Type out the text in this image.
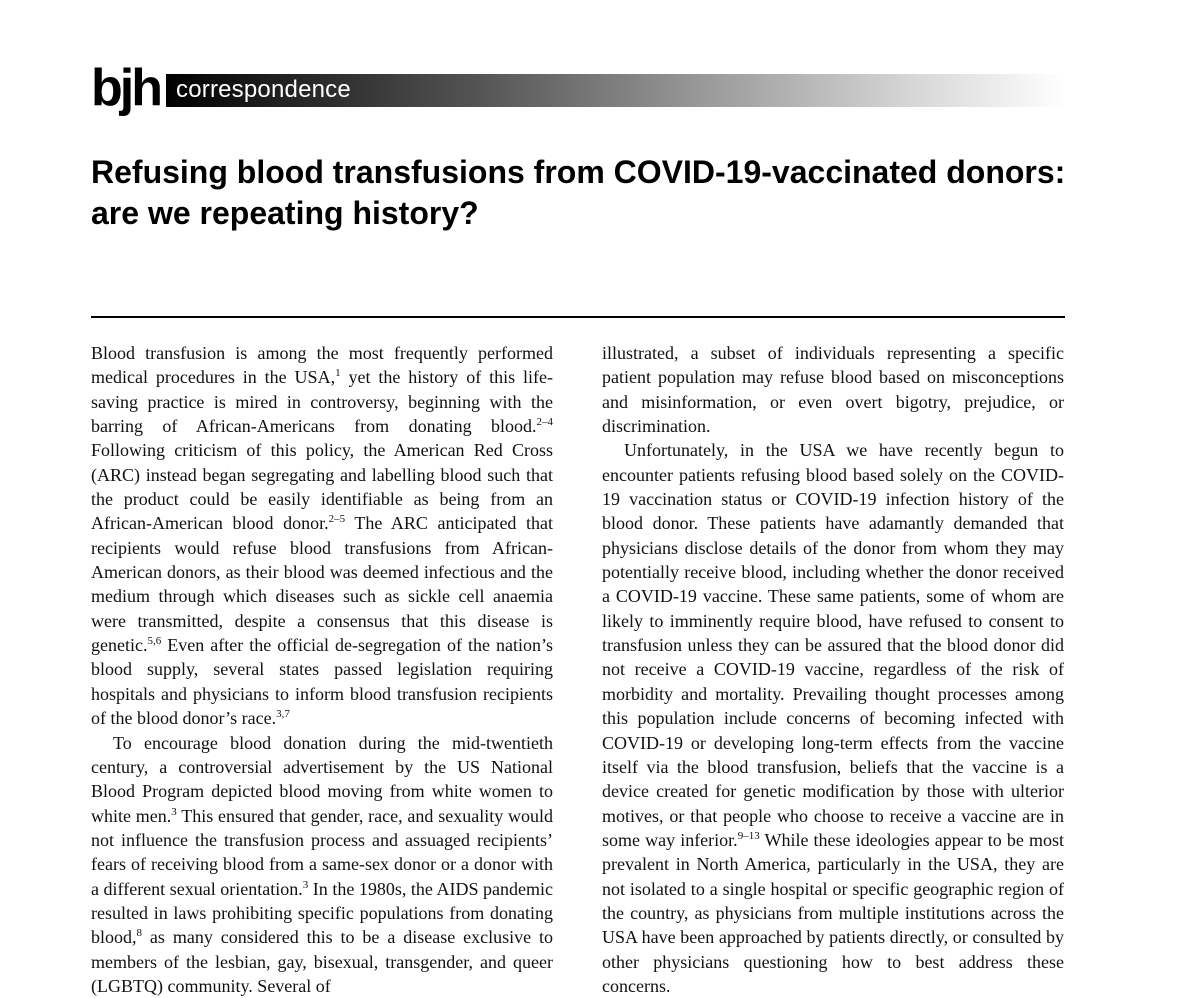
bjh correspondence
Refusing blood transfusions from COVID-19-vaccinated donors: are we repeating history?

Blood transfusion is among the most frequently performed medical procedures in the USA,$^1$ yet the history of this life-saving practice is mired in controversy, beginning with the barring of African-Americans from donating blood.$^{2-4}$ Following criticism of this policy, the American Red Cross (ARC) instead began segregating and labelling blood such that the product could be easily identifiable as being from an African-American blood donor.$^{2-5}$ The ARC anticipated that recipients would refuse blood transfusions from African-American donors, as their blood was deemed infectious and the medium through which diseases such as sickle cell anaemia were transmitted, despite a consensus that this disease is genetic.$^{5,6}$ Even after the official de-segregation of the nation’s blood supply, several states passed legislation requiring hospitals and physicians to inform blood transfusion recipients of the blood donor’s race.$^{3,7}$

To encourage blood donation during the mid-twentieth century, a controversial advertisement by the US National Blood Program depicted blood moving from white women to white men.$^3$ This ensured that gender, race, and sexuality would not influence the transfusion process and assuaged recipients’ fears of receiving blood from a same-sex donor or a donor with a different sexual orientation.$^3$ In the 1980s, the AIDS pandemic resulted in laws prohibiting specific populations from donating blood,$^8$ as many considered this to be a disease exclusive to members of the lesbian, gay, bisexual, transgender, and queer (LGBTQ) community. Several of

illustrated, a subset of individuals representing a specific patient population may refuse blood based on misconceptions and misinformation, or even overt bigotry, prejudice, or discrimination.

Unfortunately, in the USA we have recently begun to encounter patients refusing blood based solely on the COVID-19 vaccination status or COVID-19 infection history of the blood donor. These patients have adamantly demanded that physicians disclose details of the donor from whom they may potentially receive blood, including whether the donor received a COVID-19 vaccine. These same patients, some of whom are likely to imminently require blood, have refused to consent to transfusion unless they can be assured that the blood donor did not receive a COVID-19 vaccine, regardless of the risk of morbidity and mortality. Prevailing thought processes among this population include concerns of becoming infected with COVID-19 or developing long-term effects from the vaccine itself via the blood transfusion, beliefs that the vaccine is a device created for genetic modification by those with ulterior motives, or that people who choose to receive a vaccine are in some way inferior.$^{9-13}$ While these ideologies appear to be most prevalent in North America, particularly in the USA, they are not isolated to a single hospital or specific geographic region of the country, as physicians from multiple institutions across the USA have been approached by patients directly, or consulted by other physicians questioning how to best address these concerns.
